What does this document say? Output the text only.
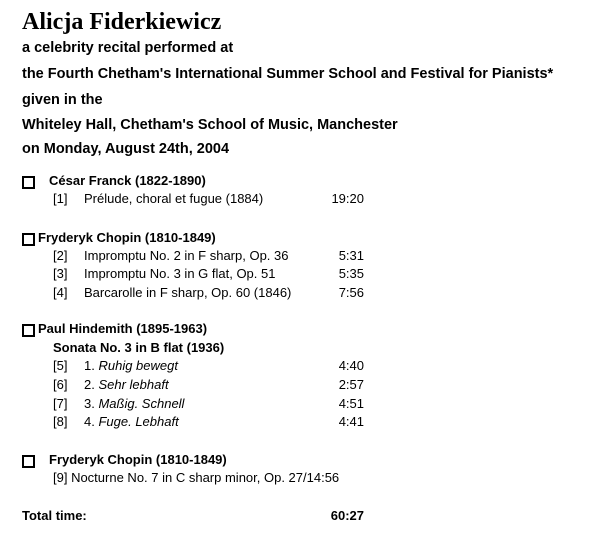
Alicja Fiderkiewicz
a celebrity recital performed at
the Fourth Chetham's International Summer School and Festival for Pianists*
given in the
Whiteley Hall, Chetham's School of Music, Manchester
on Monday, August 24th, 2004
César Franck (1822-1890)
[1] Prélude, choral et fugue (1884)	19:20
Fryderyk Chopin (1810-1849)
[2] Impromptu No. 2 in F sharp, Op. 36	5:31
[3] Impromptu No. 3 in G flat, Op. 51	5:35
[4] Barcarolle in F sharp, Op. 60 (1846)	7:56
Paul Hindemith (1895-1963)
Sonata No. 3 in B flat (1936)
[5] 1. Ruhig bewegt	4:40
[6] 2. Sehr lebhaft	2:57
[7] 3. Maßig. Schnell	4:51
[8] 4. Fuge. Lebhaft	4:41
Fryderyk Chopin (1810-1849)
[9] Nocturne No. 7 in C sharp minor, Op. 27/14:56
Total time:	60:27
